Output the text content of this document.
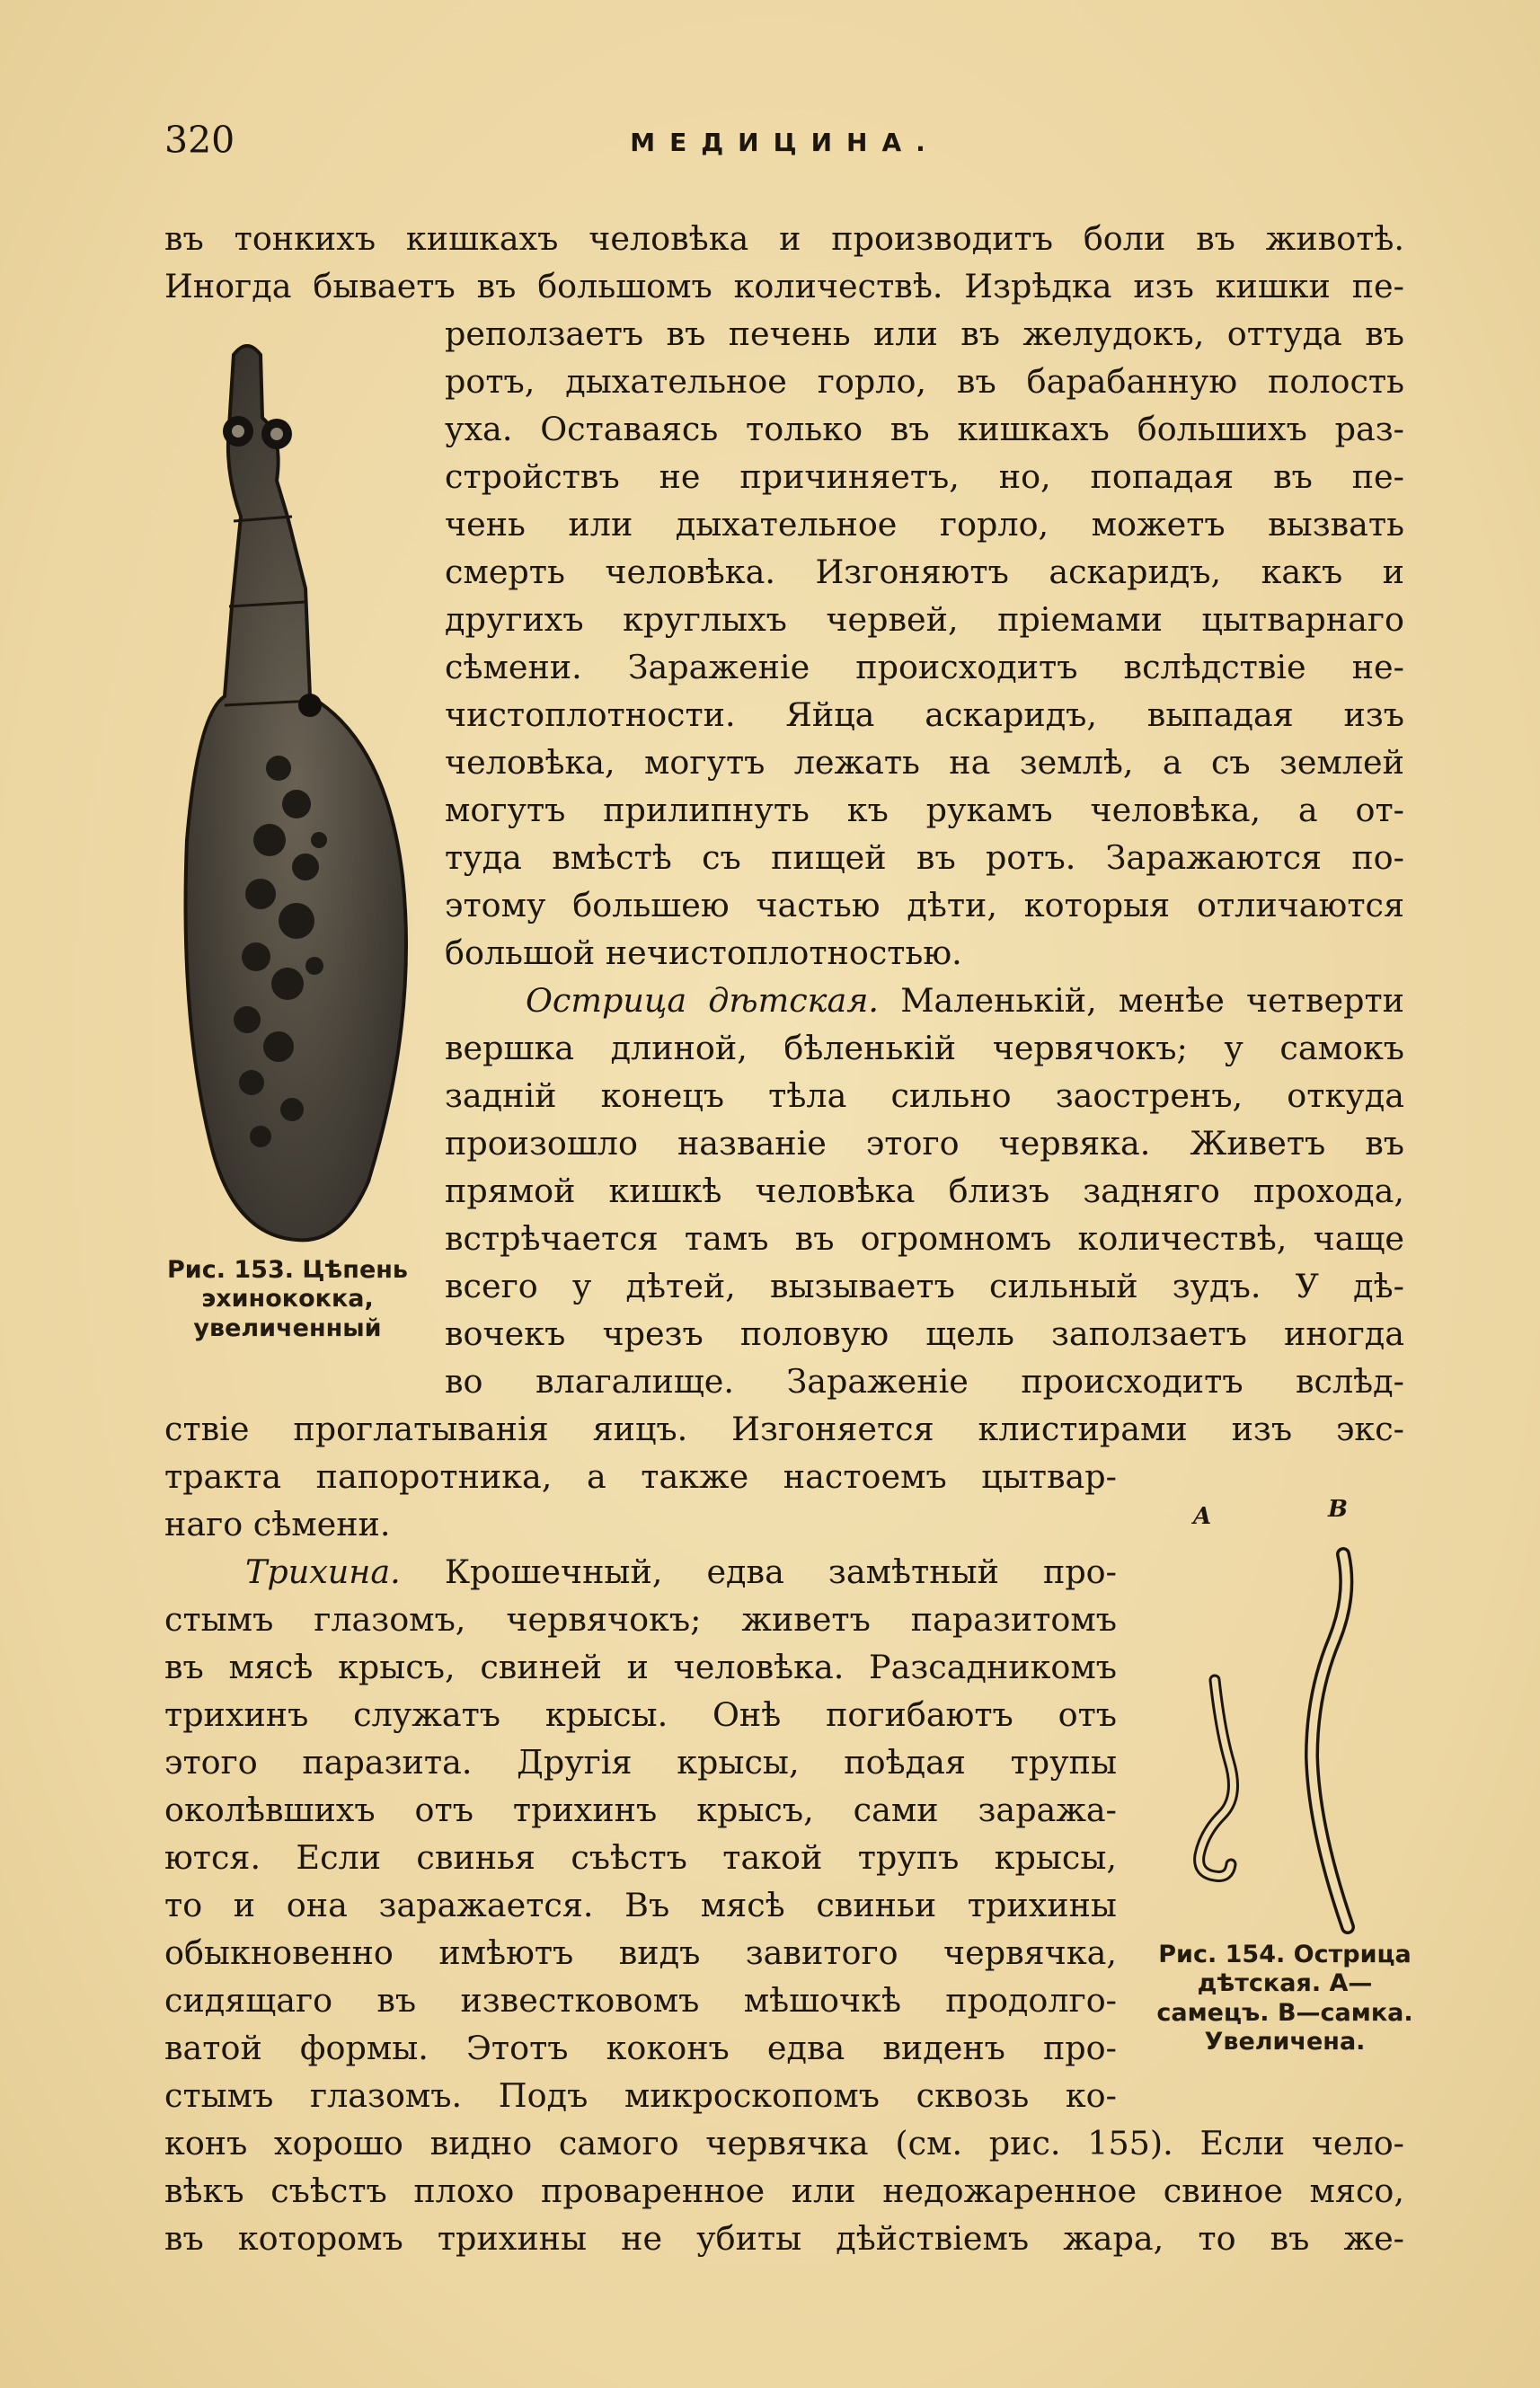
320	МЕДИЦИНА.
Рис. 153. Цѣпень эхинококка, увеличенный
A	B
Рис. 154. Острица дѣтская. А—самецъ. В—самка. Увеличена.
въ тонкихъ кишкахъ человѣка и производитъ боли въ животѣ.
Иногда бываетъ въ большомъ количествѣ. Изрѣдка изъ кишки пе-
реползаетъ въ печень или въ желудокъ, оттуда въ
ротъ, дыхательное горло, въ барабанную полость
уха. Оставаясь только въ кишкахъ большихъ раз-
стройствъ не причиняетъ, но, попадая въ пе-
чень или дыхательное горло, можетъ вызвать
смерть человѣка. Изгоняютъ аскаридъ, какъ и
другихъ круглыхъ червей, пріемами цытварнаго
сѣмени. Зараженіе происходитъ вслѣдствіе не-
чистоплотности. Яйца аскаридъ, выпадая изъ
человѣка, могутъ лежать на землѣ, а съ землей
могутъ прилипнуть къ рукамъ человѣка, а от-
туда вмѣстѣ съ пищей въ ротъ. Заражаются по-
этому большею частью дѣти, которыя отличаются
большой нечистоплотностью.
Острица дѣтская. Маленькій, менѣе четверти
вершка длиной, бѣленькій червячокъ; у самокъ
задній конецъ тѣла сильно заостренъ, откуда
произошло названіе этого червяка. Живетъ въ
прямой кишкѣ человѣка близъ задняго прохода,
встрѣчается тамъ въ огромномъ количествѣ, чаще
всего у дѣтей, вызываетъ сильный зудъ. У дѣ-
вочекъ чрезъ половую щель заползаетъ иногда
во влагалище. Зараженіе происходитъ вслѣд-
ствіе проглатыванія яицъ. Изгоняется клистирами изъ экс-
тракта папоротника, а также настоемъ цытвар-
наго сѣмени.
Трихина. Крошечный, едва замѣтный про-
стымъ глазомъ, червячокъ; живетъ паразитомъ
въ мясѣ крысъ, свиней и человѣка. Разсадникомъ
трихинъ служатъ крысы. Онѣ погибаютъ отъ
этого паразита. Другія крысы, поѣдая трупы
околѣвшихъ отъ трихинъ крысъ, сами заража-
ются. Если свинья съѣстъ такой трупъ крысы,
то и она заражается. Въ мясѣ свиньи трихины
обыкновенно имѣютъ видъ завитого червячка,
сидящаго въ известковомъ мѣшочкѣ продолго-
ватой формы. Этотъ коконъ едва виденъ про-
стымъ глазомъ. Подъ микроскопомъ сквозь ко-
конъ хорошо видно самого червячка (см. рис. 155). Если чело-
вѣкъ съѣстъ плохо проваренное или недожаренное свиное мясо,
въ которомъ трихины не убиты дѣйствіемъ жара, то въ же-
